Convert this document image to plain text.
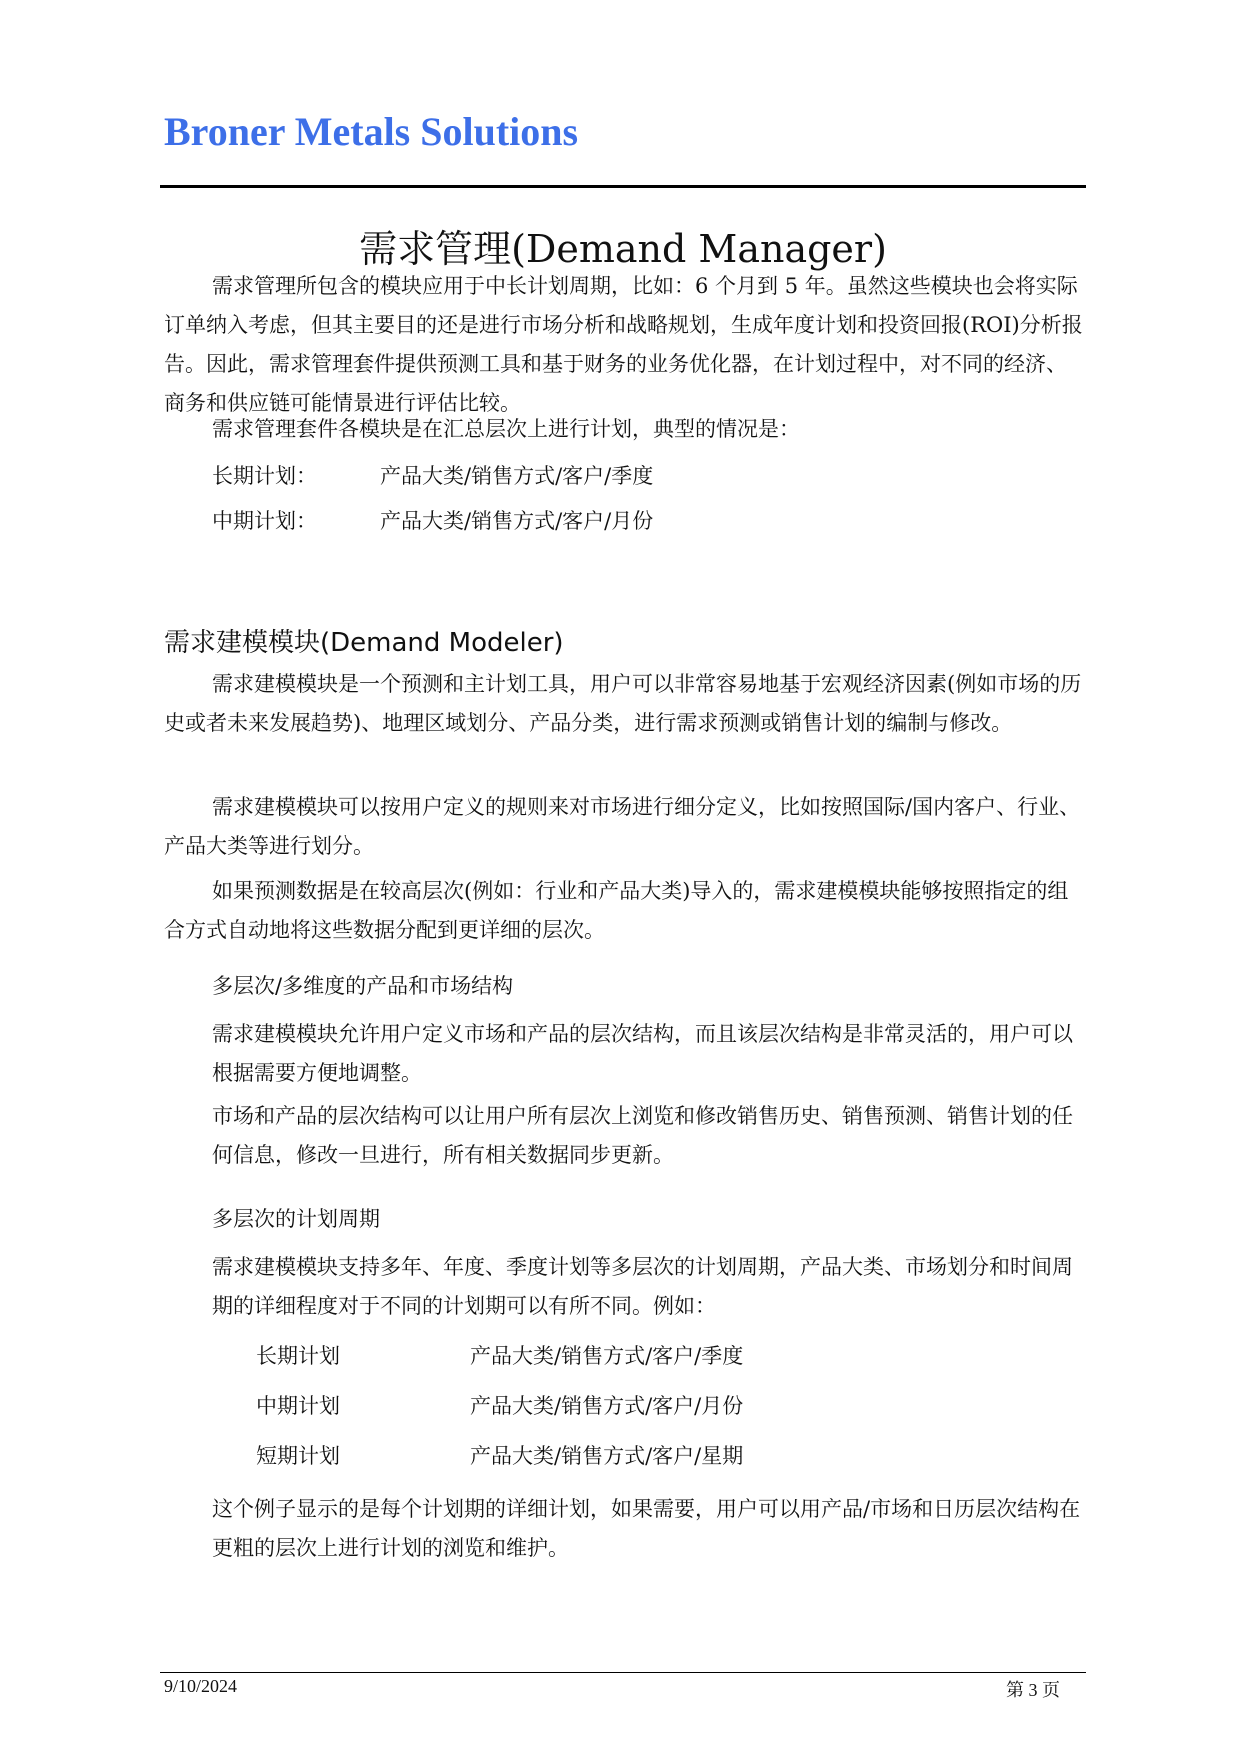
Broner Metals Solutions
需求管理(Demand Manager)
需求管理所包含的模块应用于中长计划周期，比如：6 个月到 5 年。虽然这些模块也会将实际订单纳入考虑，但其主要目的还是进行市场分析和战略规划，生成年度计划和投资回报(ROI)分析报告。因此，需求管理套件提供预测工具和基于财务的业务优化器，在计划过程中，对不同的经济、商务和供应链可能情景进行评估比较。
需求管理套件各模块是在汇总层次上进行计划，典型的情况是：
长期计划：	产品大类/销售方式/客户/季度
中期计划：	产品大类/销售方式/客户/月份
需求建模模块(Demand Modeler)
需求建模模块是一个预测和主计划工具，用户可以非常容易地基于宏观经济因素(例如市场的历史或者未来发展趋势)、地理区域划分、产品分类，进行需求预测或销售计划的编制与修改。
需求建模模块可以按用户定义的规则来对市场进行细分定义，比如按照国际/国内客户、行业、产品大类等进行划分。
如果预测数据是在较高层次(例如：行业和产品大类)导入的，需求建模模块能够按照指定的组合方式自动地将这些数据分配到更详细的层次。
多层次/多维度的产品和市场结构
需求建模模块允许用户定义市场和产品的层次结构，而且该层次结构是非常灵活的，用户可以根据需要方便地调整。
市场和产品的层次结构可以让用户所有层次上浏览和修改销售历史、销售预测、销售计划的任何信息，修改一旦进行，所有相关数据同步更新。
多层次的计划周期
需求建模模块支持多年、年度、季度计划等多层次的计划周期，产品大类、市场划分和时间周期的详细程度对于不同的计划期可以有所不同。例如：
长期计划	产品大类/销售方式/客户/季度
中期计划	产品大类/销售方式/客户/月份
短期计划	产品大类/销售方式/客户/星期
这个例子显示的是每个计划期的详细计划，如果需要，用户可以用产品/市场和日历层次结构在更粗的层次上进行计划的浏览和维护。
9/10/2024	第 3 页
